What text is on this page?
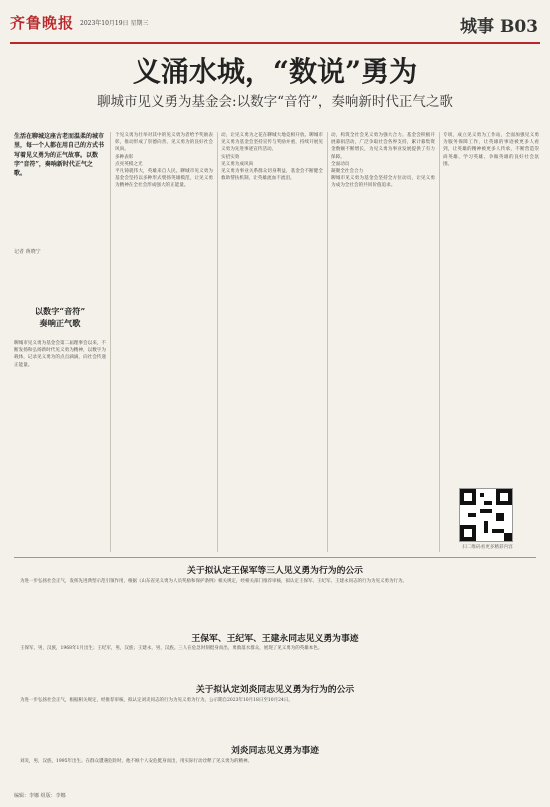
齐鲁晚报 2023年10月19日 星期三	城事 B03
义涌水城，“数说”勇为
聊城市见义勇为基金会:以数字“音符”，奏响新时代正气之歌
生活在聊城这座古老而温柔的城市里，每一个人都在用自己的方式书写着见义勇为的正气故事。以数字“音符”，奏响新时代正气之歌。
记者 蒋晓宁
以数字“音符”
奏响正气歌
聊城市见义勇为基金会第二届理事会以来，不断发扬和弘扬新时代见义勇为精神，以数字为载体，记录见义勇为的点点滴滴，向社会传递正能量。
个见义勇为壮举对其中的见义勇为者给予奖励表彰，推动形成了崇德向善、见义勇为的良好社会风尚。
多种表彰
点亮英模之光
平凡铸就伟大，英雄来自人民。聊城市见义勇为基金会坚持以多种形式褒扬英雄模范，让见义勇为精神在全社会形成强大的正能量。
动，让见义勇为之花在聊城大地竞相开放。聊城市见义勇为基金会坚持宣传与奖励并重，持续开展见义勇为先进事迹宣传活动。
实招实效
见义勇为成风尚
见义勇为事业关系群众切身利益，基金会不断健全救助帮扶机制，让英雄流血不流泪。
动，构筑全社会见义勇为强大合力。基金会积极开展募捐活动，广泛争取社会各界支持，累计募集资金数额不断增长，为见义勇为事业发展提供了有力保障。
全面动员
凝聚全社会合力
聊城市见义勇为基金会坚持全方位动员，让见义勇为成为全社会的共同价值追求。
专项，成立见义勇为工作站，全面加强见义勇为服务保障工作，让英雄的事迹被更多人看到，让英雄的精神被更多人传承，不断营造崇尚英雄、学习英雄、争做英雄的良好社会氛围。
扫二维码看更多精彩内容
关于拟认定王保军等三人见义勇为行为的公示
为进一步弘扬社会正气，发挥先进典型示范引领作用，根据《山东省见义勇为人员奖励和保护条例》相关规定，经相关部门推荐审核，拟认定王保军、王纪军、王建永同志的行为为见义勇为行为。
王保军、王纪军、王建永同志见义勇为事迹
王保军，男，汉族，1968年1月出生；王纪军，男，汉族；王建永，男，汉族。三人在危急时刻挺身而出，勇救落水群众，展现了见义勇为的英雄本色。
关于拟认定刘炎同志见义勇为行为的公示
为进一步弘扬社会正气，根据相关规定，经推荐审核，拟认定刘炎同志的行为为见义勇为行为。公示期自2023年10月18日至10月24日。
刘炎同志见义勇为事迹
刘炎，男，汉族，1995年出生。在群众遭遇危险时，他不顾个人安危挺身而出，用实际行动诠释了见义勇为的精神。
编辑：李娜 组版：李娜
